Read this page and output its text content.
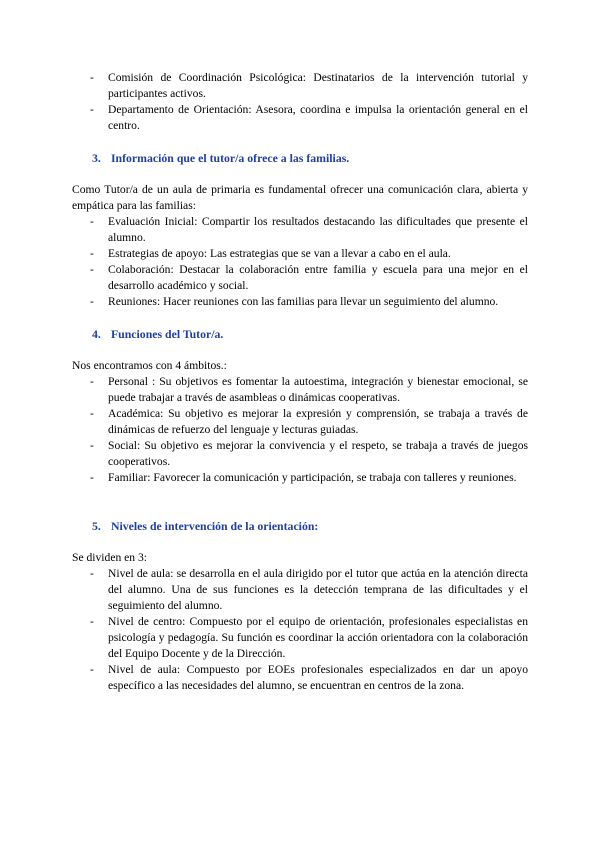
- Comisión de Coordinación Psicológica: Destinatarios de la intervención tutorial y participantes activos.
- Departamento de Orientación: Asesora, coordina e impulsa la orientación general en el centro.
3. Información que el tutor/a ofrece a las familias.
Como Tutor/a de un aula de primaria es fundamental ofrecer una comunicación clara, abierta y empática para las familias:
- Evaluación Inicial: Compartir los resultados destacando las dificultades que presente el alumno.
- Estrategias de apoyo: Las estrategias que se van a llevar a cabo en el aula.
- Colaboración: Destacar la colaboración entre familia y escuela para una mejor en el desarrollo académico y social.
- Reuniones: Hacer reuniones con las familias para llevar un seguimiento del alumno.
4. Funciones del Tutor/a.
Nos encontramos con 4 ámbitos.:
- Personal : Su objetivos es fomentar la autoestima, integración y bienestar emocional, se puede trabajar a través de asambleas o dinámicas cooperativas.
- Académica: Su objetivo es mejorar la expresión y comprensión, se trabaja a través de dinámicas de refuerzo del lenguaje y lecturas guiadas.
- Social: Su objetivo es mejorar la convivencia y el respeto, se trabaja a través de juegos cooperativos.
- Familiar: Favorecer la comunicación y participación, se trabaja con talleres y reuniones.
5. Niveles de intervención de la orientación:
Se dividen en 3:
- Nivel de aula: se desarrolla en el aula dirigido por el tutor que actúa en la atención directa del alumno. Una de sus funciones es la detección temprana de las dificultades y el seguimiento del alumno.
- Nivel de centro: Compuesto por el equipo de orientación, profesionales especialistas en psicología y pedagogía. Su función es coordinar la acción orientadora con la colaboración del Equipo Docente y de la Dirección.
- Nivel de aula: Compuesto por EOEs profesionales especializados en dar un apoyo específico a las necesidades del alumno, se encuentran en centros de la zona.
